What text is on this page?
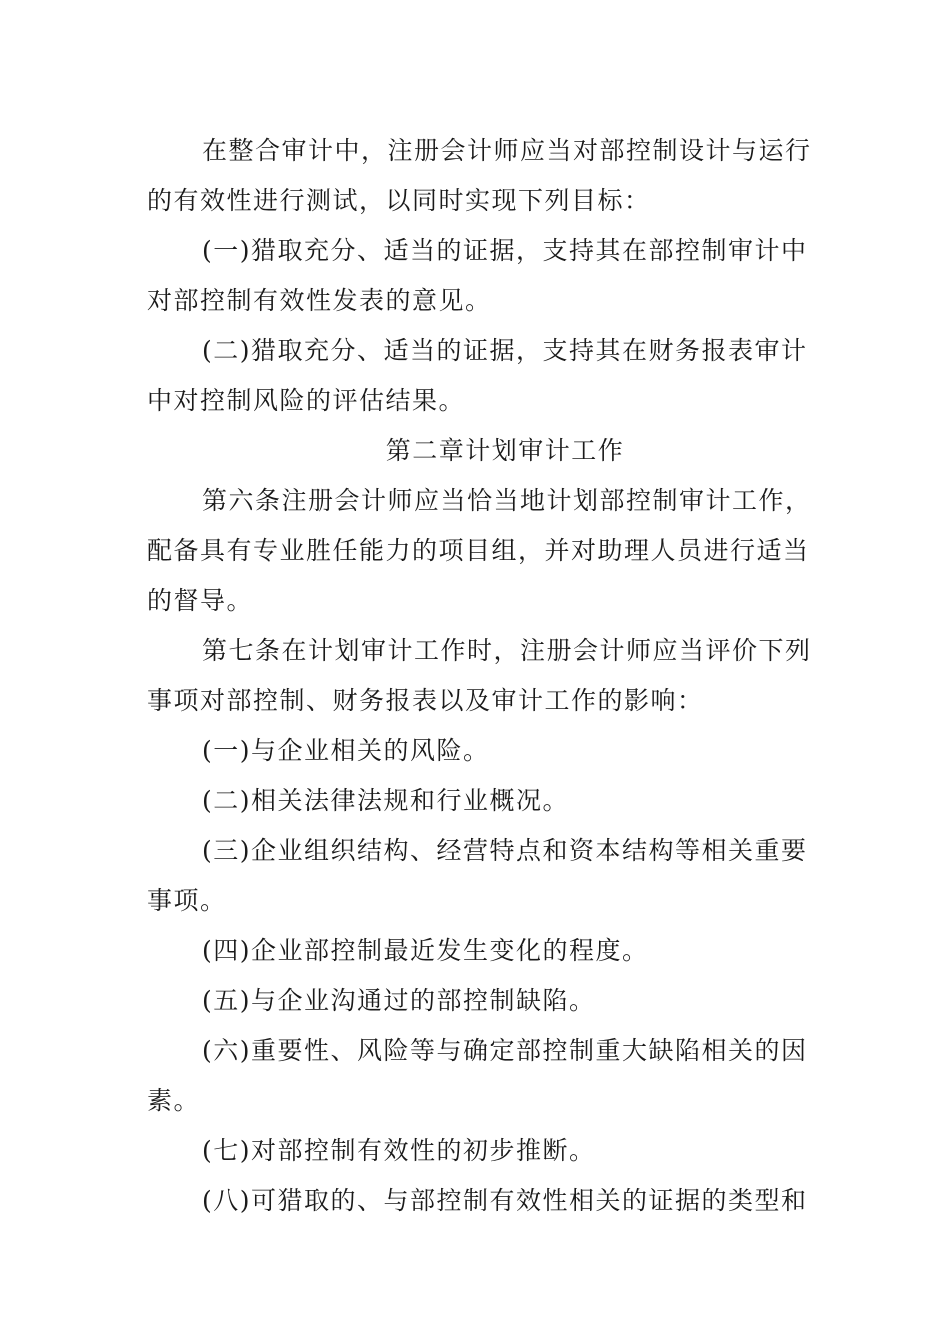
在整合审计中，注册会计师应当对部控制设计与运行
的有效性进行测试，以同时实现下列目标：
(一)猎取充分、适当的证据，支持其在部控制审计中
对部控制有效性发表的意见。
(二)猎取充分、适当的证据，支持其在财务报表审计
中对控制风险的评估结果。
第二章计划审计工作
第六条注册会计师应当恰当地计划部控制审计工作，
配备具有专业胜任能力的项目组，并对助理人员进行适当
的督导。
第七条在计划审计工作时，注册会计师应当评价下列
事项对部控制、财务报表以及审计工作的影响：
(一)与企业相关的风险。
(二)相关法律法规和行业概况。
(三)企业组织结构、经营特点和资本结构等相关重要
事项。
(四)企业部控制最近发生变化的程度。
(五)与企业沟通过的部控制缺陷。
(六)重要性、风险等与确定部控制重大缺陷相关的因
素。
(七)对部控制有效性的初步推断。
(八)可猎取的、与部控制有效性相关的证据的类型和
